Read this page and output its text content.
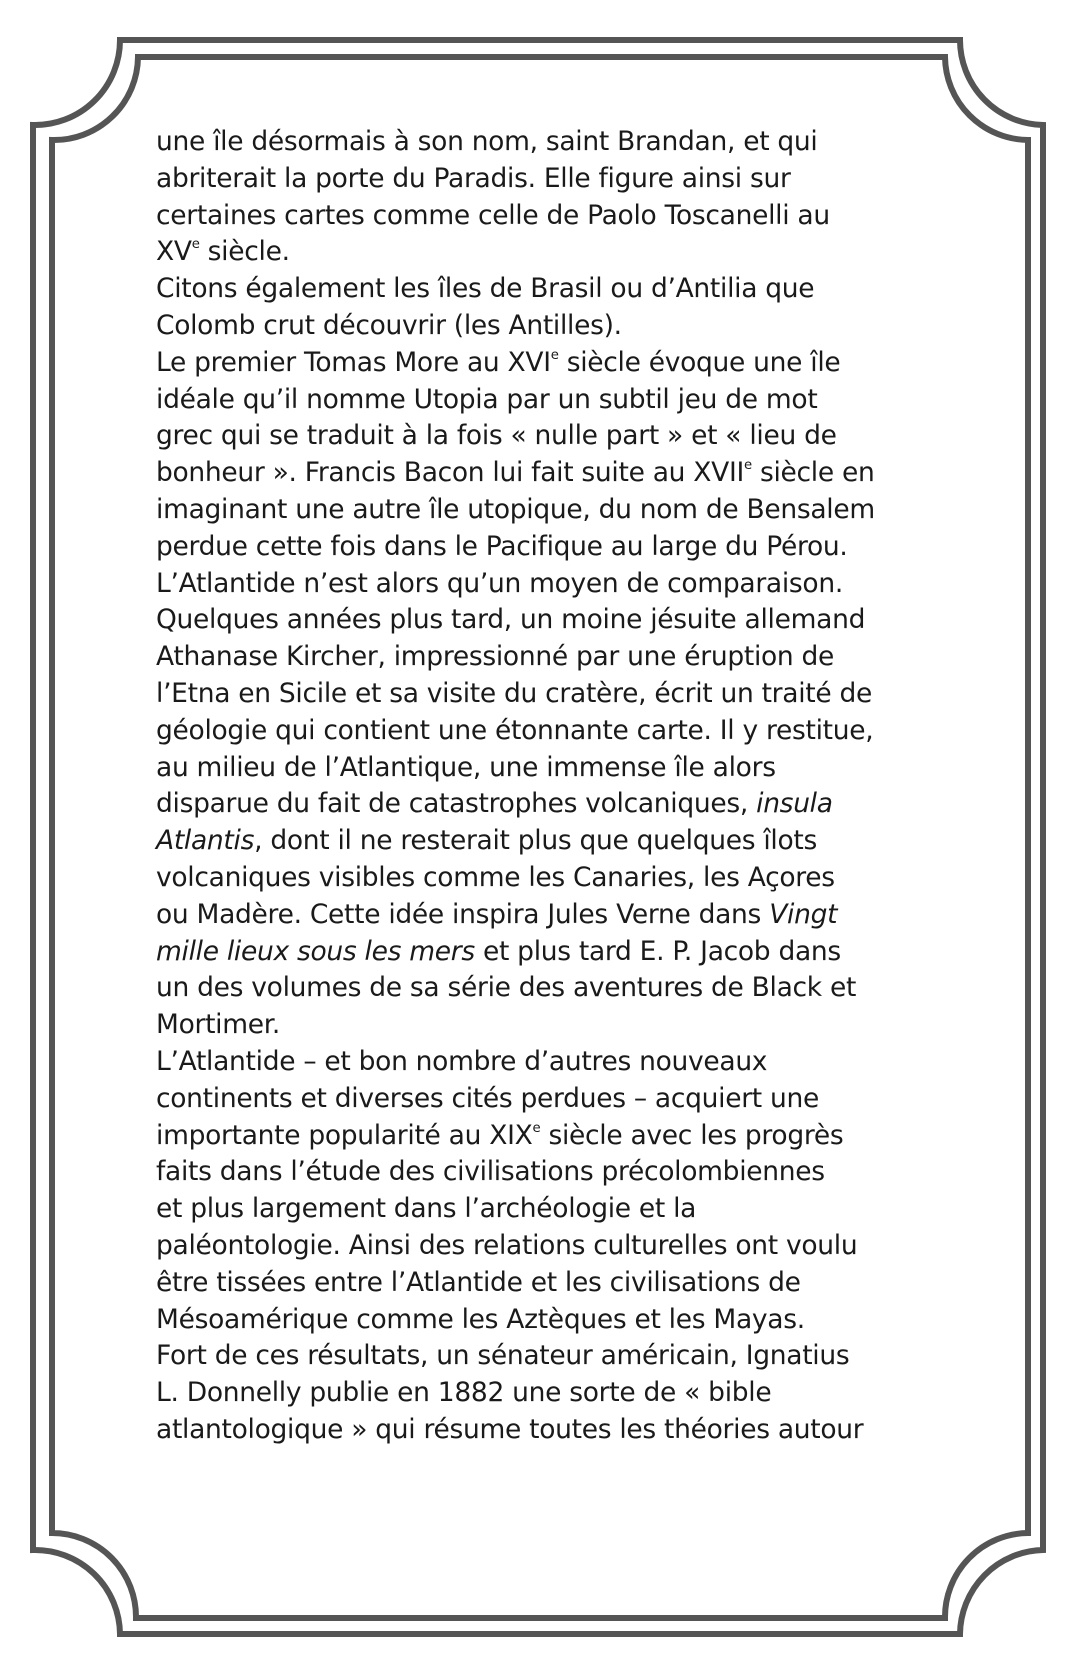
une île désormais à son nom, saint Brandan, et qui
abriterait la porte du Paradis. Elle figure ainsi sur
certaines cartes comme celle de Paolo Toscanelli au
XVe siècle.
Citons également les îles de Brasil ou d’Antilia que
Colomb crut découvrir (les Antilles).
Le premier Tomas More au XVIe siècle évoque une île
idéale qu’il nomme Utopia par un subtil jeu de mot
grec qui se traduit à la fois « nulle part » et « lieu de
bonheur ». Francis Bacon lui fait suite au XVIIe siècle en
imaginant une autre île utopique, du nom de Bensalem
perdue cette fois dans le Pacifique au large du Pérou.
L’Atlantide n’est alors qu’un moyen de comparaison.
Quelques années plus tard, un moine jésuite allemand
Athanase Kircher, impressionné par une éruption de
l’Etna en Sicile et sa visite du cratère, écrit un traité de
géologie qui contient une étonnante carte. Il y restitue,
au milieu de l’Atlantique, une immense île alors
disparue du fait de catastrophes volcaniques, insula
Atlantis, dont il ne resterait plus que quelques îlots
volcaniques visibles comme les Canaries, les Açores
ou Madère. Cette idée inspira Jules Verne dans Vingt
mille lieux sous les mers et plus tard E. P. Jacob dans
un des volumes de sa série des aventures de Black et
Mortimer.
L’Atlantide – et bon nombre d’autres nouveaux
continents et diverses cités perdues – acquiert une
importante popularité au XIXe siècle avec les progrès
faits dans l’étude des civilisations précolombiennes
et plus largement dans l’archéologie et la
paléontologie. Ainsi des relations culturelles ont voulu
être tissées entre l’Atlantide et les civilisations de
Mésoamérique comme les Aztèques et les Mayas.
Fort de ces résultats, un sénateur américain, Ignatius
L. Donnelly publie en 1882 une sorte de « bible
atlantologique » qui résume toutes les théories autour
